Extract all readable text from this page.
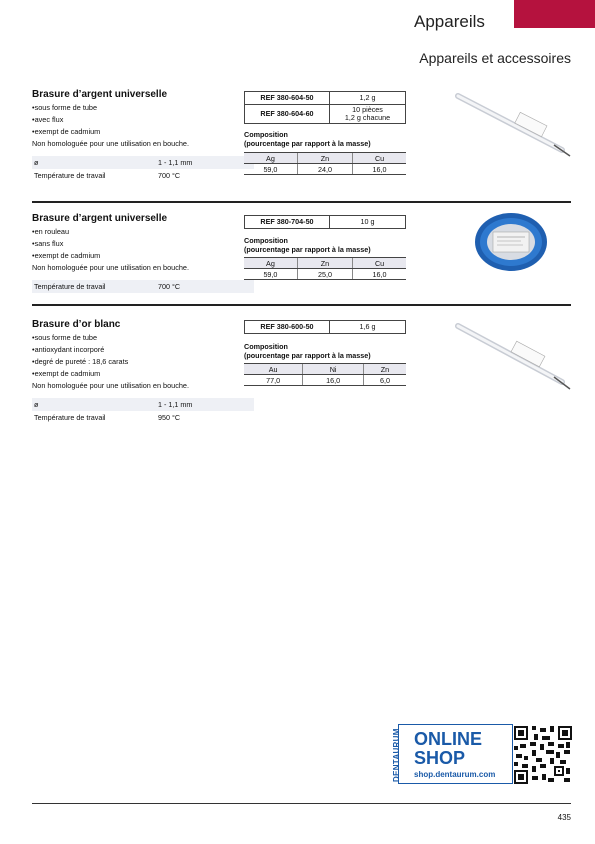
Appareils
Appareils et accessoires
Brasure d’argent universelle
• sous forme de tube
• avec flux
• exempt de cadmium
Non homologuée pour une utilisation en bouche.
ø	1 - 1,1 mm
Température de travail	700 °C
REF 380-604-50	1,2 g
REF 380-604-60	10 pièces
1,2 g chacune
Composition
(pourcentage par rapport à la masse)
Ag	Zn	Cu
59,0	24,0	16,0
Brasure d’argent universelle
• en rouleau
• sans flux
• exempt de cadmium
Non homologuée pour une utilisation en bouche.
Température de travail	700 °C
REF 380-704-50	10 g
Composition
(pourcentage par rapport à la masse)
Ag	Zn	Cu
59,0	25,0	16,0
Brasure d’or blanc
• sous forme de tube
• antioxydant incorporé
• degré de pureté : 18,6 carats
• exempt de cadmium
Non homologuée pour une utilisation en bouche.
ø	1 - 1,1 mm
Température de travail	950 °C
REF 380-600-50	1,6 g
Composition
(pourcentage par rapport à la masse)
Au	Ni	Zn
77,0	16,0	6,0
DENTAURUM ONLINE
SHOP
shop.dentaurum.com
435
